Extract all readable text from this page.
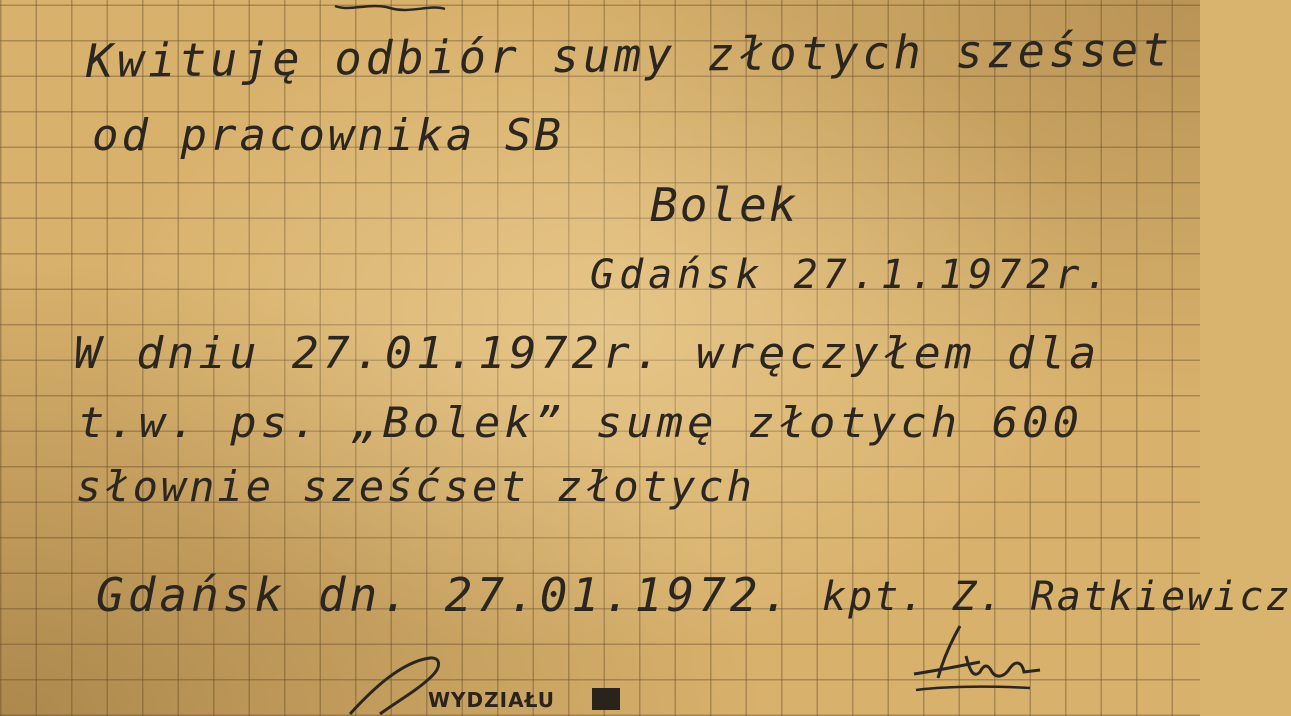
Kwituję odbiór sumy złotych sześset

od pracownika SB

Bolek

Gdańsk 27.1.1972r.

W dniu 27.01.1972r. wręczyłem dla

t.w. ps. „Bolek” sumę złotych 600

słownie sześćset złotych

Gdańsk dn. 27.01.1972. kpt. Z. Ratkiewicz

WYDZIAŁU
